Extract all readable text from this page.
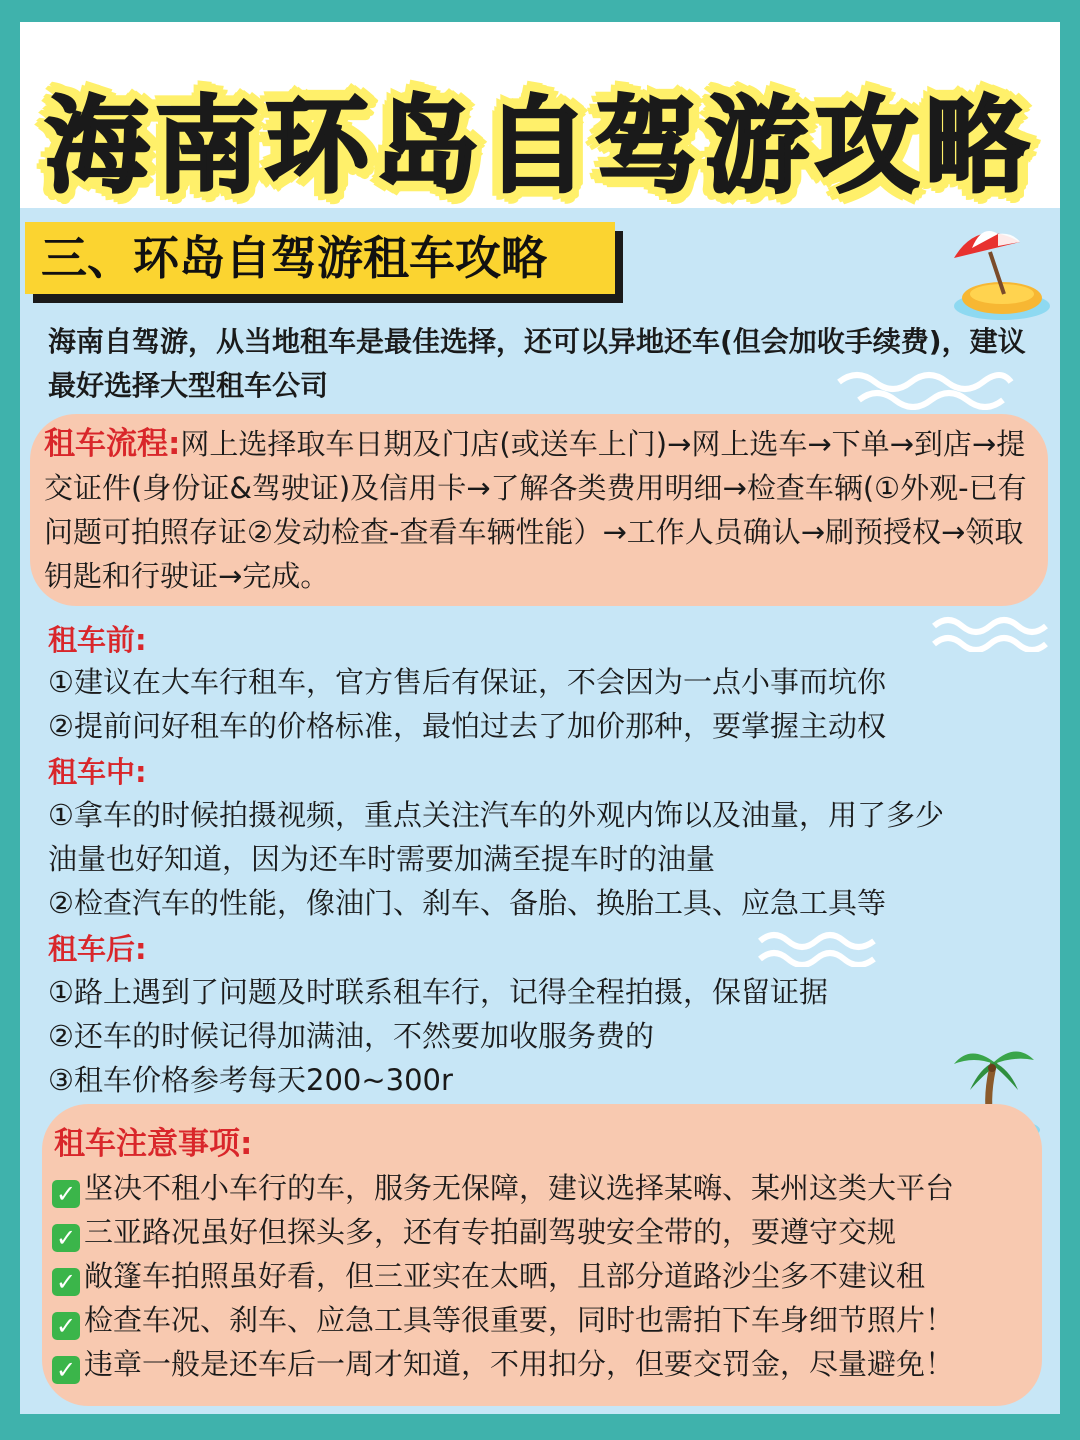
海南环岛自驾游攻略
三、环岛自驾游租车攻略
海南自驾游，从当地租车是最佳选择，还可以异地还车(但会加收手续费)，建议最好选择大型租车公司
租车流程:网上选择取车日期及门店(或送车上门)→网上选车→下单→到店→提交证件(身份证&驾驶证)及信用卡→了解各类费用明细→检查车辆(①外观-已有问题可拍照存证②发动检查-查看车辆性能）→工作人员确认→刷预授权→领取钥匙和行驶证→完成。
租车前:
①建议在大车行租车，官方售后有保证，不会因为一点小事而坑你
②提前问好租车的价格标准，最怕过去了加价那种，要掌握主动权
租车中:
①拿车的时候拍摄视频，重点关注汽车的外观内饰以及油量，用了多少
油量也好知道，因为还车时需要加满至提车时的油量
②检查汽车的性能，像油门、刹车、备胎、换胎工具、应急工具等
租车后:
①路上遇到了问题及时联系租车行，记得全程拍摄，保留证据
②还车的时候记得加满油，不然要加收服务费的
③租车价格参考每天200~300r
租车注意事项:
✓ 坚决不租小车行的车，服务无保障，建议选择某嗨、某州这类大平台
✓ 三亚路况虽好但探头多，还有专拍副驾驶安全带的，要遵守交规
✓ 敞篷车拍照虽好看，但三亚实在太晒，且部分道路沙尘多不建议租
✓ 检查车况、刹车、应急工具等很重要，同时也需拍下车身细节照片！
✓ 违章一般是还车后一周才知道，不用扣分，但要交罚金，尽量避免！
